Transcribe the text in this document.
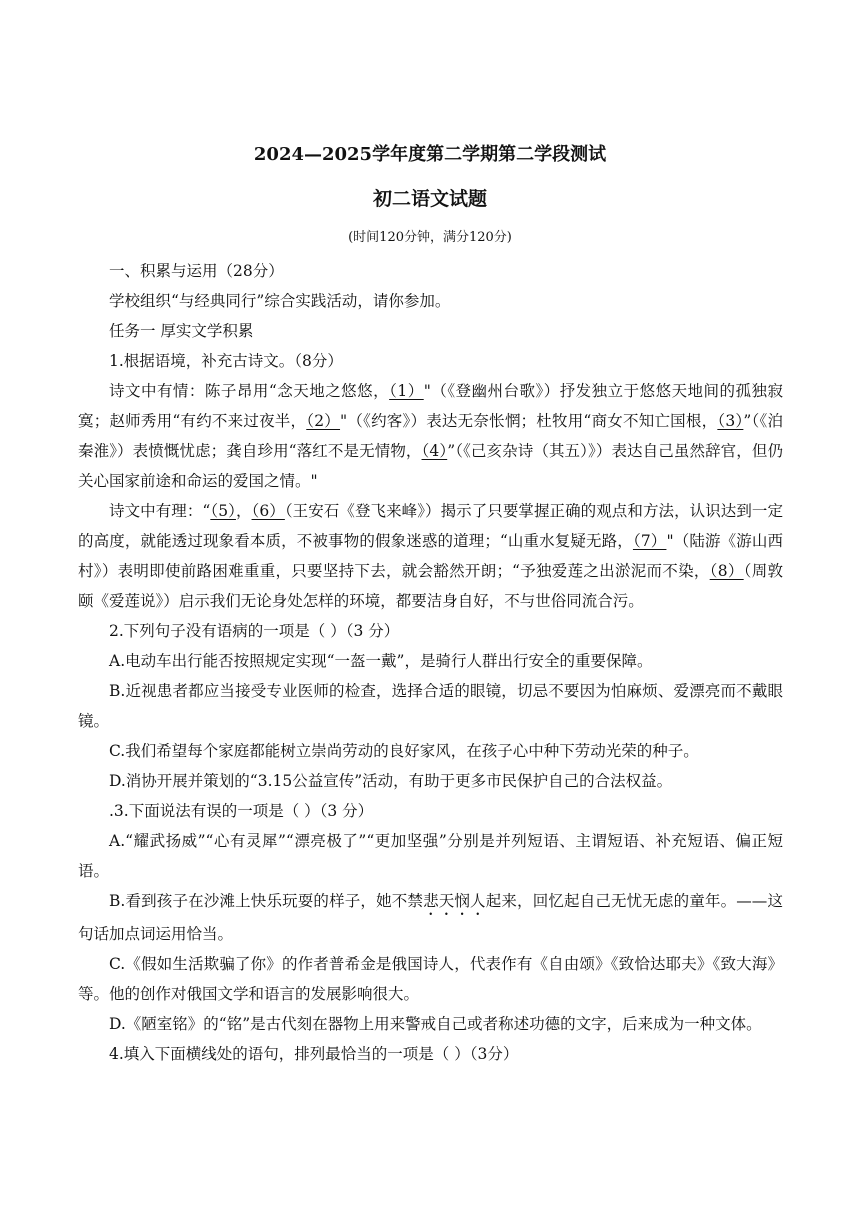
2024—2025学年度第二学期第二学段测试
初二语文试题
(时间120分钟，满分120分)

一、积累与运用（28分）

学校组织“与经典同行”综合实践活动，请你参加。

任务一 厚实文学积累

1.根据语境，补充古诗文。（8分）

诗文中有情：陈子昂用“念天地之悠悠，（1）"（《登幽州台歌》）抒发独立于悠悠天地间的孤独寂寞；赵师秀用“有约不来过夜半，（2）"（《约客》）表达无奈怅惘；杜牧用“商女不知亡国根，（3）”（《泊秦淮》）表愤慨忧虑；龚自珍用“落红不是无情物，（4）”（《己亥杂诗（其五）》）表达自己虽然辞官，但仍关心国家前途和命运的爱国之情。"

诗文中有理：“（5），（6）（王安石《登飞来峰》）揭示了只要掌握正确的观点和方法，认识达到一定的高度，就能透过现象看本质，不被事物的假象迷惑的道理；“山重水复疑无路，（7）"（陆游《游山西村》）表明即使前路困难重重，只要坚持下去，就会豁然开朗；“予独爱莲之出淤泥而不染，（8）（周敦颐《爱莲说》）启示我们无论身处怎样的环境，都要洁身自好，不与世俗同流合污。

2.下列句子没有语病的一项是（ ）（3 分）

A.电动车出行能否按照规定实现“一盔一戴”，是骑行人群出行安全的重要保障。

B.近视患者都应当接受专业医师的检查，选择合适的眼镜，切忌不要因为怕麻烦、爱漂亮而不戴眼镜。

C.我们希望每个家庭都能树立崇尚劳动的良好家风，在孩子心中种下劳动光荣的种子。

D.消协开展并策划的“3.15公益宣传”活动，有助于更多市民保护自己的合法权益。

.3.下面说法有误的一项是（ ）（3 分）

A.“耀武扬威”“心有灵犀”“漂亮极了”“更加坚强”分别是并列短语、主谓短语、补充短语、偏正短语。

B.看到孩子在沙滩上快乐玩耍的样子，她不禁悲天悯人起来，回忆起自己无忧无虑的童年。——这句话加点词运用恰当。

C.《假如生活欺骗了你》的作者普希金是俄国诗人，代表作有《自由颂》《致恰达耶夫》《致大海》等。他的创作对俄国文学和语言的发展影响很大。

D.《陋室铭》的“铭”是古代刻在器物上用来警戒自己或者称述功德的文字，后来成为一种文体。

4.填入下面横线处的语句，排列最恰当的一项是（ ）（3分）
